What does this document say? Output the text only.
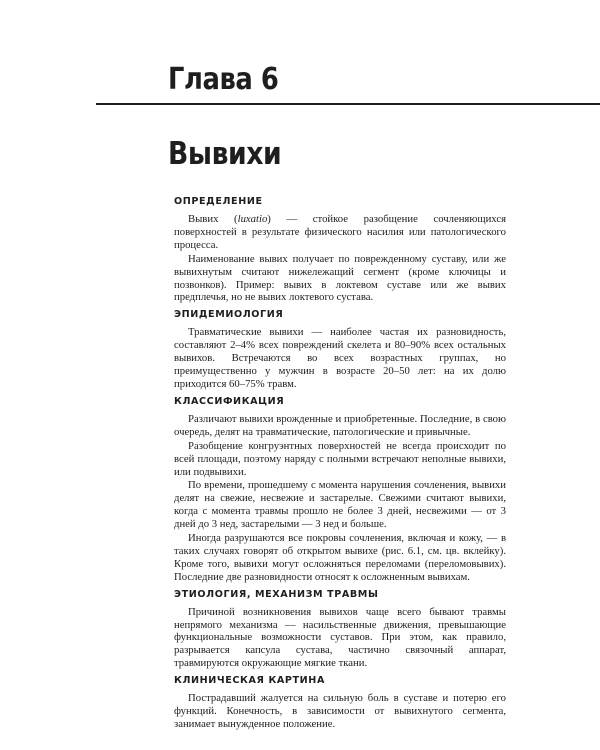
Глава 6
Вывихи
ОПРЕДЕЛЕНИЕ

Вывих (luxatio) — стойкое разобщение сочленяющихся поверхностей в результате физического насилия или патологического процесса.

Наименование вывих получает по поврежденному суставу, или же вывихнутым считают нижележащий сегмент (кроме ключицы и позвонков). Пример: вывих в локтевом суставе или же вывих предплечья, но не вывих локтевого сустава.

ЭПИДЕМИОЛОГИЯ

Травматические вывихи — наиболее частая их разновидность, составляют 2–4% всех повреждений скелета и 80–90% всех остальных вывихов. Встречаются во всех возрастных группах, но преимущественно у мужчин в возрасте 20–50 лет: на их долю приходится 60–75% травм.

КЛАССИФИКАЦИЯ

Различают вывихи врожденные и приобретенные. Последние, в свою очередь, делят на травматические, патологические и привычные.

Разобщение конгруэнтных поверхностей не всегда происходит по всей площади, поэтому наряду с полными встречают неполные вывихи, или подвывихи.

По времени, прошедшему с момента нарушения сочленения, вывихи делят на свежие, несвежие и застарелые. Свежими считают вывихи, когда с момента травмы прошло не более 3 дней, несвежими — от 3 дней до 3 нед, застарелыми — 3 нед и больше.

Иногда разрушаются все покровы сочленения, включая и кожу, — в таких случаях говорят об открытом вывихе (рис. 6.1, см. цв. вклейку). Кроме того, вывихи могут осложняться переломами (переломовывих). Последние две разновидности относят к осложненным вывихам.

ЭТИОЛОГИЯ, МЕХАНИЗМ ТРАВМЫ

Причиной возникновения вывихов чаще всего бывают травмы непрямого механизма — насильственные движения, превышающие функциональные возможности суставов. При этом, как правило, разрывается капсула сустава, частично связочный аппарат, травмируются окружающие мягкие ткани.

КЛИНИЧЕСКАЯ КАРТИНА

Пострадавший жалуется на сильную боль в суставе и потерю его функций. Конечность, в зависимости от вывихнутого сегмента, занимает вынужденное положение.
